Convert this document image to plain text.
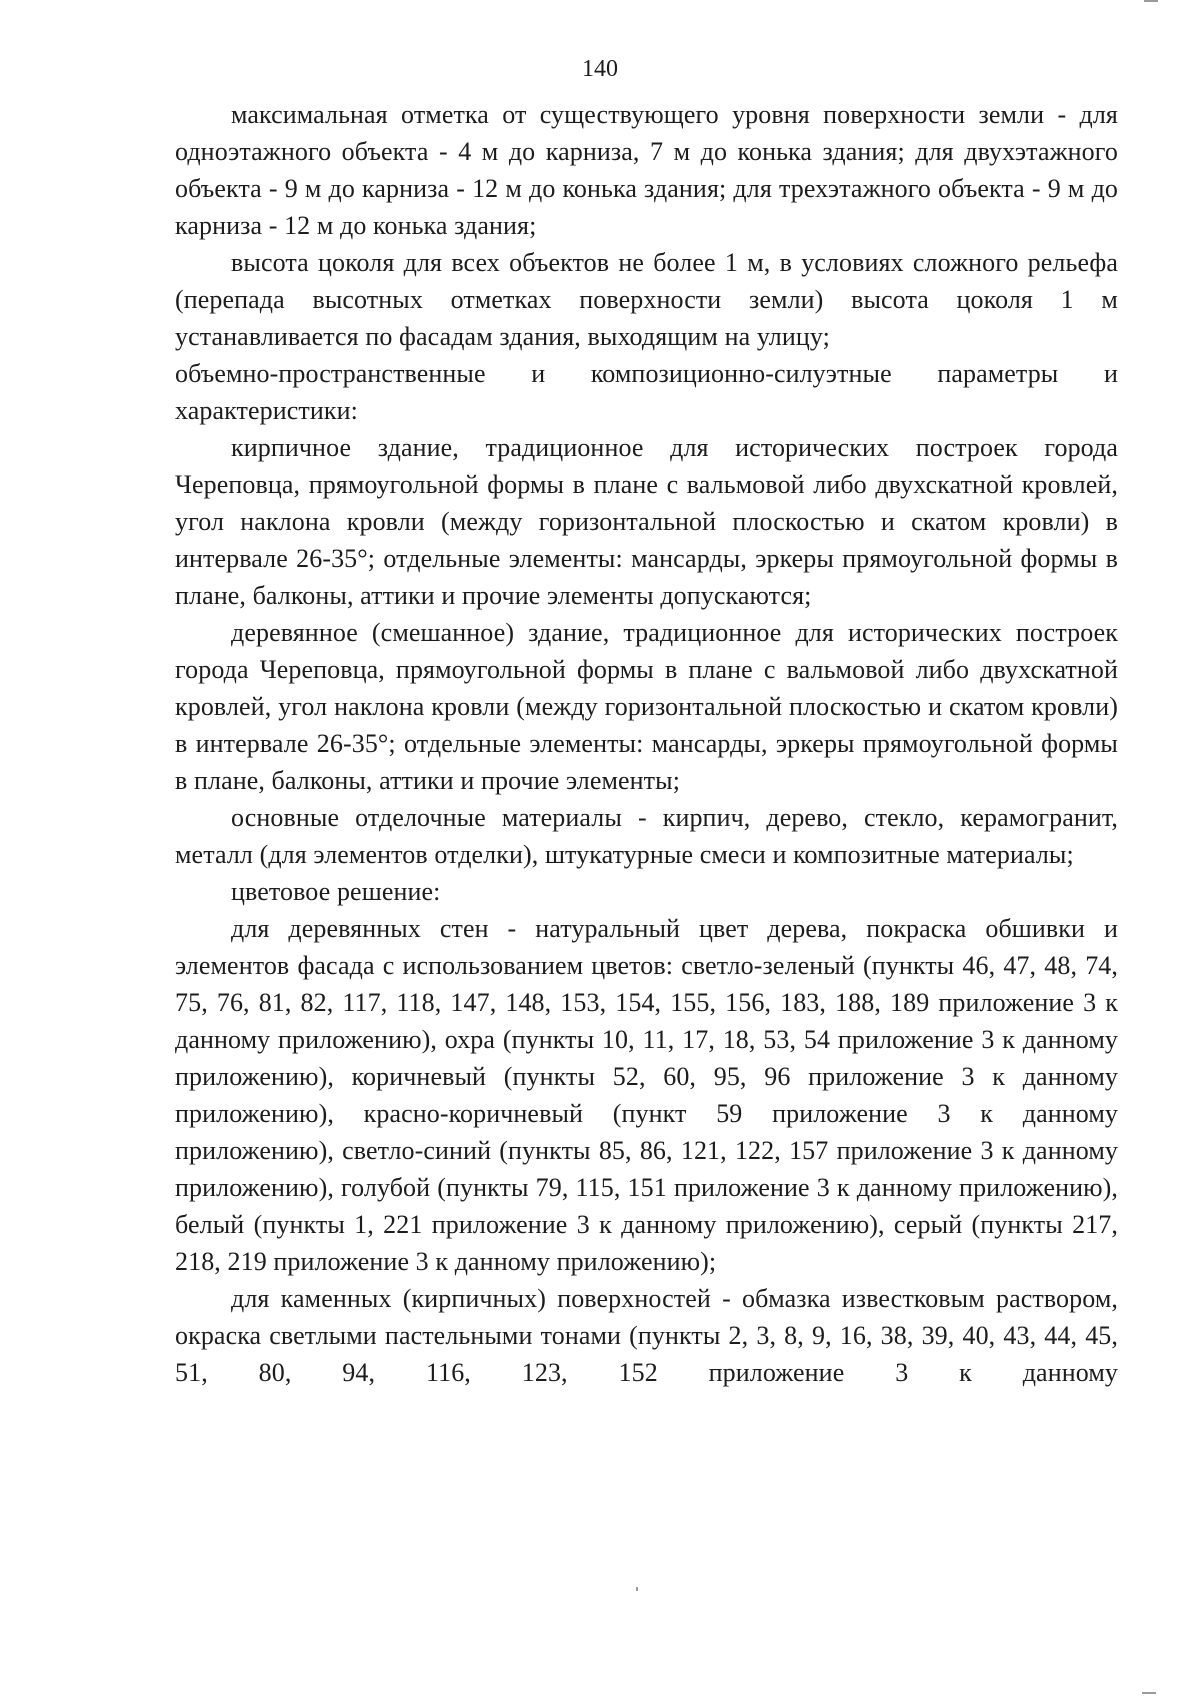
140

максимальная отметка от существующего уровня поверхности земли - для одноэтажного объекта - 4 м до карниза, 7 м до конька здания; для двухэтажного объекта - 9 м до карниза - 12 м до конька здания; для трехэтажного объекта - 9 м до карниза - 12 м до конька здания;

высота цоколя для всех объектов не более 1 м, в условиях сложного рельефа (перепада высотных отметках поверхности земли) высота цоколя 1 м устанавливается по фасадам здания, выходящим на улицу;

объемно-пространственные и композиционно-силуэтные параметры и характеристики:

кирпичное здание, традиционное для исторических построек города Череповца, прямоугольной формы в плане с вальмовой либо двухскатной кровлей, угол наклона кровли (между горизонтальной плоскостью и скатом кровли) в интервале 26-35°; отдельные элементы: мансарды, эркеры прямоугольной формы в плане, балконы, аттики и прочие элементы допускаются;

деревянное (смешанное) здание, традиционное для исторических построек города Череповца, прямоугольной формы в плане с вальмовой либо двухскатной кровлей, угол наклона кровли (между горизонтальной плоскостью и скатом кровли) в интервале 26-35°; отдельные элементы: мансарды, эркеры прямоугольной формы в плане, балконы, аттики и прочие элементы;

основные отделочные материалы - кирпич, дерево, стекло, керамогранит, металл (для элементов отделки), штукатурные смеси и композитные материалы;

цветовое решение:

для деревянных стен - натуральный цвет дерева, покраска обшивки и элементов фасада с использованием цветов: светло-зеленый (пункты 46, 47, 48, 74, 75, 76, 81, 82, 117, 118, 147, 148, 153, 154, 155, 156, 183, 188, 189 приложение 3 к данному приложению), охра (пункты 10, 11, 17, 18, 53, 54 приложение 3 к данному приложению), коричневый (пункты 52, 60, 95, 96 приложение 3 к данному приложению), красно-коричневый (пункт 59 приложение 3 к данному приложению), светло-синий (пункты 85, 86, 121, 122, 157 приложение 3 к данному приложению), голубой (пункты 79, 115, 151 приложение 3 к данному приложению), белый (пункты 1, 221 приложение 3 к данному приложению), серый (пункты 217, 218, 219 приложение 3 к данному приложению);

для каменных (кирпичных) поверхностей - обмазка известковым раствором, окраска светлыми пастельными тонами (пункты 2, 3, 8, 9, 16, 38, 39, 40, 43, 44, 45, 51, 80, 94, 116, 123, 152 приложение 3 к данному
